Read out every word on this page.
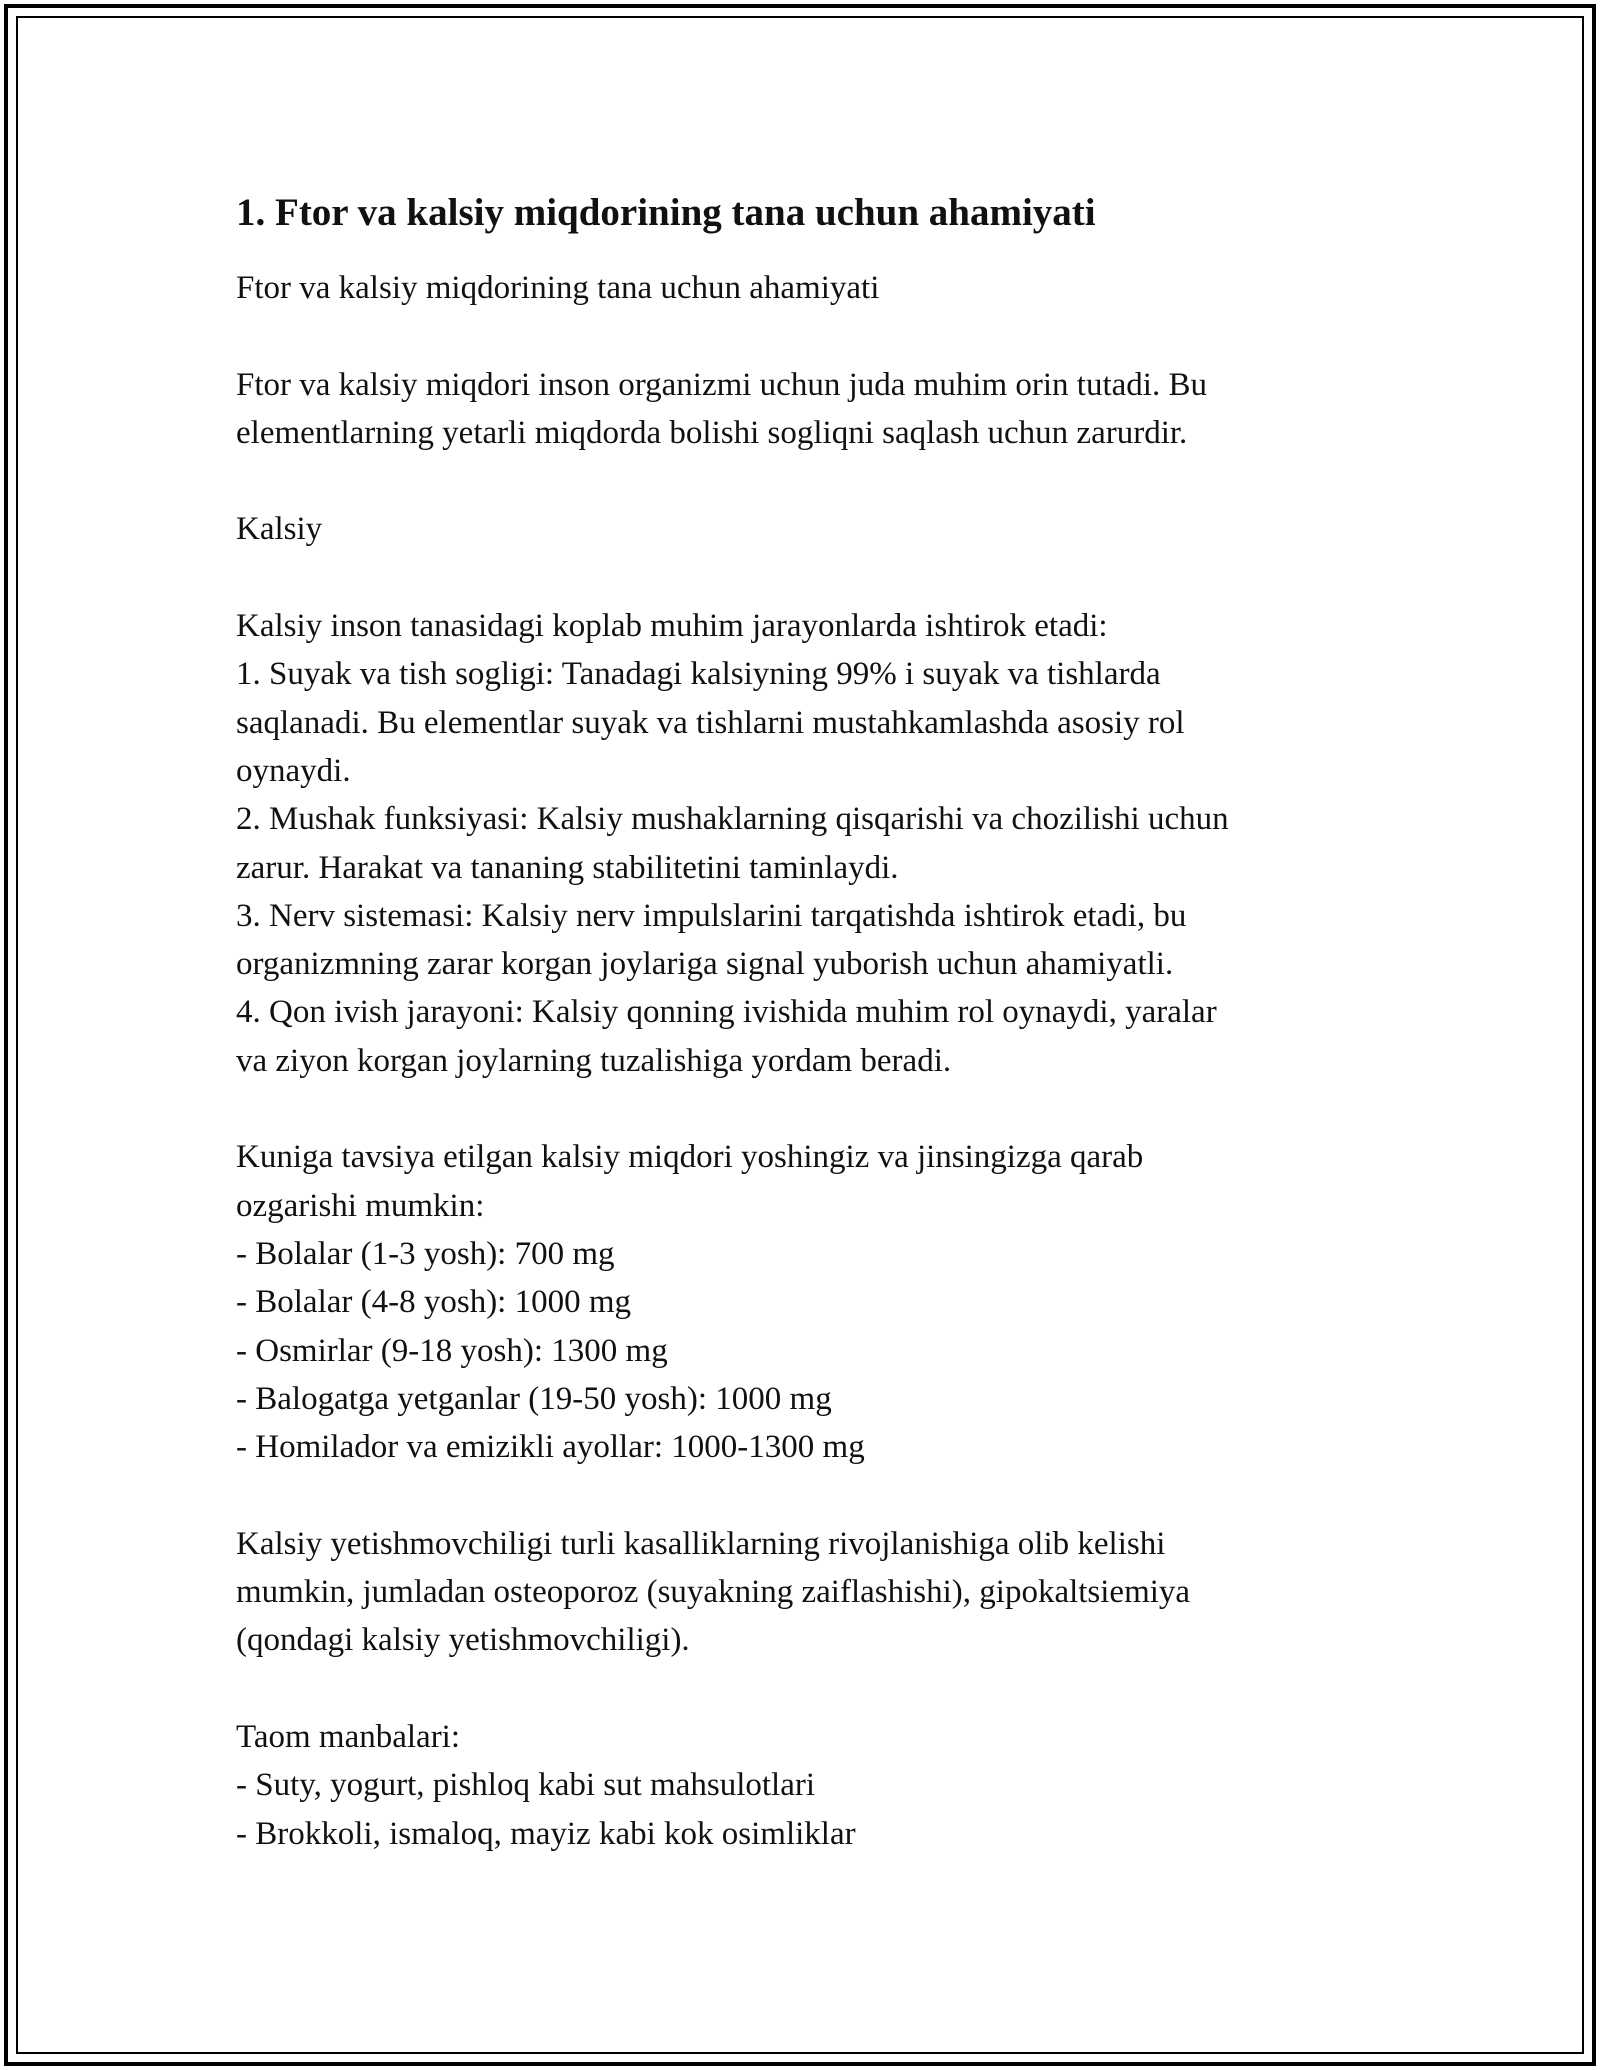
1. Ftor va kalsiy miqdorining tana uchun ahamiyati
Ftor va kalsiy miqdorining tana uchun ahamiyati
Ftor va kalsiy miqdori inson organizmi uchun juda muhim orin tutadi. Bu
elementlarning yetarli miqdorda bolishi sogliqni saqlash uchun zarurdir.
Kalsiy
Kalsiy inson tanasidagi koplab muhim jarayonlarda ishtirok etadi:
1. Suyak va tish sogligi: Tanadagi kalsiyning 99% i suyak va tishlarda
saqlanadi. Bu elementlar suyak va tishlarni mustahkamlashda asosiy rol
oynaydi.
2. Mushak funksiyasi: Kalsiy mushaklarning qisqarishi va chozilishi uchun
zarur. Harakat va tananing stabilitetini taminlaydi.
3. Nerv sistemasi: Kalsiy nerv impulslarini tarqatishda ishtirok etadi, bu
organizmning zarar korgan joylariga signal yuborish uchun ahamiyatli.
4. Qon ivish jarayoni: Kalsiy qonning ivishida muhim rol oynaydi, yaralar
va ziyon korgan joylarning tuzalishiga yordam beradi.
Kuniga tavsiya etilgan kalsiy miqdori yoshingiz va jinsingizga qarab
ozgarishi mumkin:
- Bolalar (1-3 yosh): 700 mg
- Bolalar (4-8 yosh): 1000 mg
- Osmirlar (9-18 yosh): 1300 mg
- Balogatga yetganlar (19-50 yosh): 1000 mg
- Homilador va emizikli ayollar: 1000-1300 mg
Kalsiy yetishmovchiligi turli kasalliklarning rivojlanishiga olib kelishi
mumkin, jumladan osteoporoz (suyakning zaiflashishi), gipokaltsiemiya
(qondagi kalsiy yetishmovchiligi).
Taom manbalari:
- Suty, yogurt, pishloq kabi sut mahsulotlari
- Brokkoli, ismaloq, mayiz kabi kok osimliklar
